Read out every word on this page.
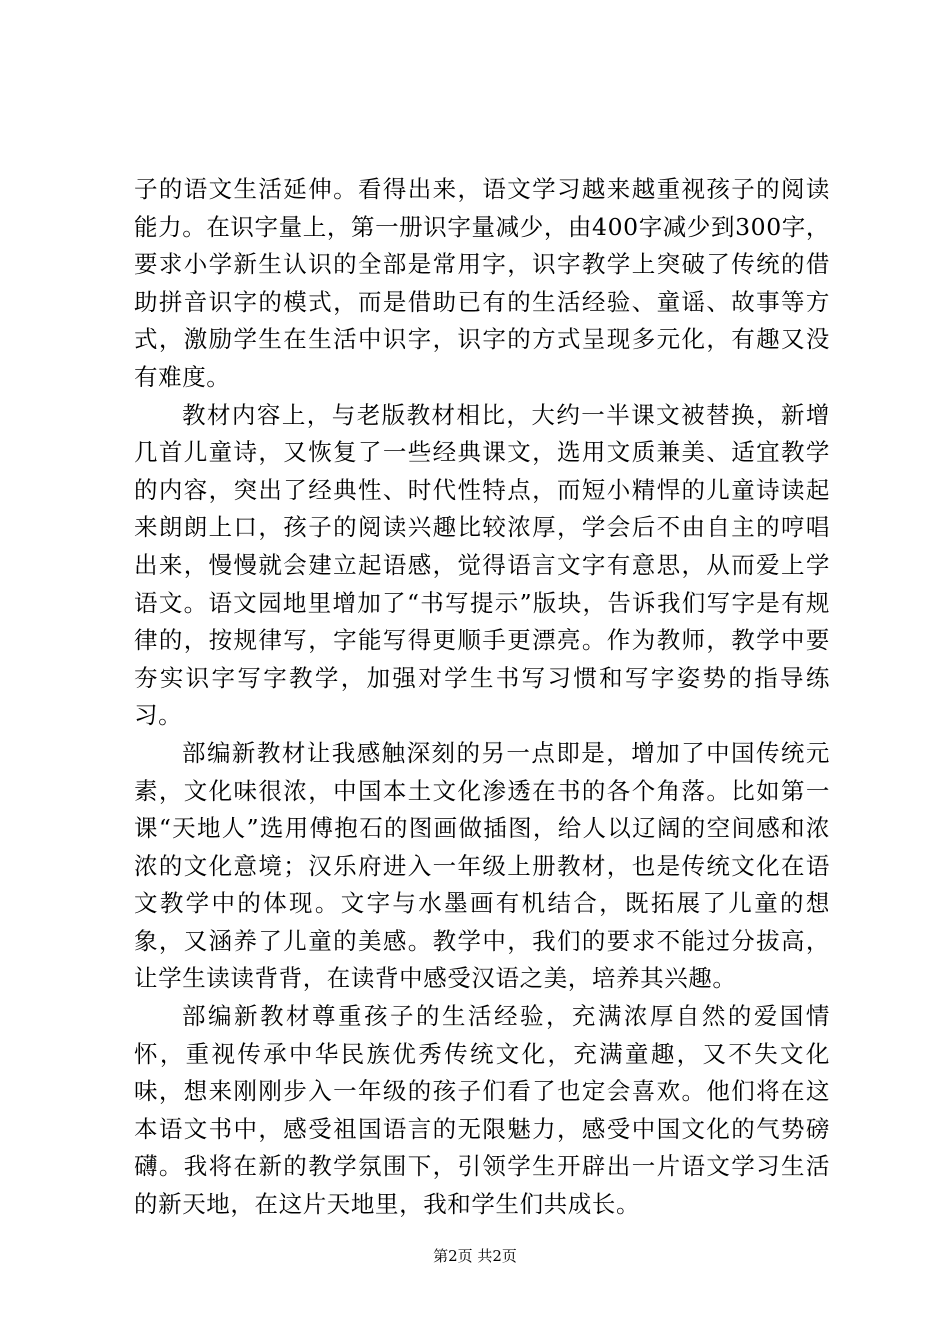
子的语文生活延伸。看得出来，语文学习越来越重视孩子的阅读能力。在识字量上，第一册识字量减少，由400字减少到300字，要求小学新生认识的全部是常用字，识字教学上突破了传统的借助拼音识字的模式，而是借助已有的生活经验、童谣、故事等方式，激励学生在生活中识字，识字的方式呈现多元化，有趣又没有难度。

教材内容上，与老版教材相比，大约一半课文被替换，新增几首儿童诗，又恢复了一些经典课文，选用文质兼美、适宜教学的内容，突出了经典性、时代性特点，而短小精悍的儿童诗读起来朗朗上口，孩子的阅读兴趣比较浓厚，学会后不由自主的哼唱出来，慢慢就会建立起语感，觉得语言文字有意思，从而爱上学语文。语文园地里增加了“书写提示”版块，告诉我们写字是有规律的，按规律写，字能写得更顺手更漂亮。作为教师，教学中要夯实识字写字教学，加强对学生书写习惯和写字姿势的指导练习。

部编新教材让我感触深刻的另一点即是，增加了中国传统元素，文化味很浓，中国本土文化渗透在书的各个角落。比如第一课“天地人”选用傅抱石的图画做插图，给人以辽阔的空间感和浓浓的文化意境；汉乐府进入一年级上册教材，也是传统文化在语文教学中的体现。文字与水墨画有机结合，既拓展了儿童的想象，又涵养了儿童的美感。教学中，我们的要求不能过分拔高，让学生读读背背，在读背中感受汉语之美，培养其兴趣。

部编新教材尊重孩子的生活经验，充满浓厚自然的爱国情怀，重视传承中华民族优秀传统文化，充满童趣，又不失文化味，想来刚刚步入一年级的孩子们看了也定会喜欢。他们将在这本语文书中，感受祖国语言的无限魅力，感受中国文化的气势磅礴。我将在新的教学氛围下，引领学生开辟出一片语文学习生活的新天地，在这片天地里，我和学生们共成长。

第2页 共2页
